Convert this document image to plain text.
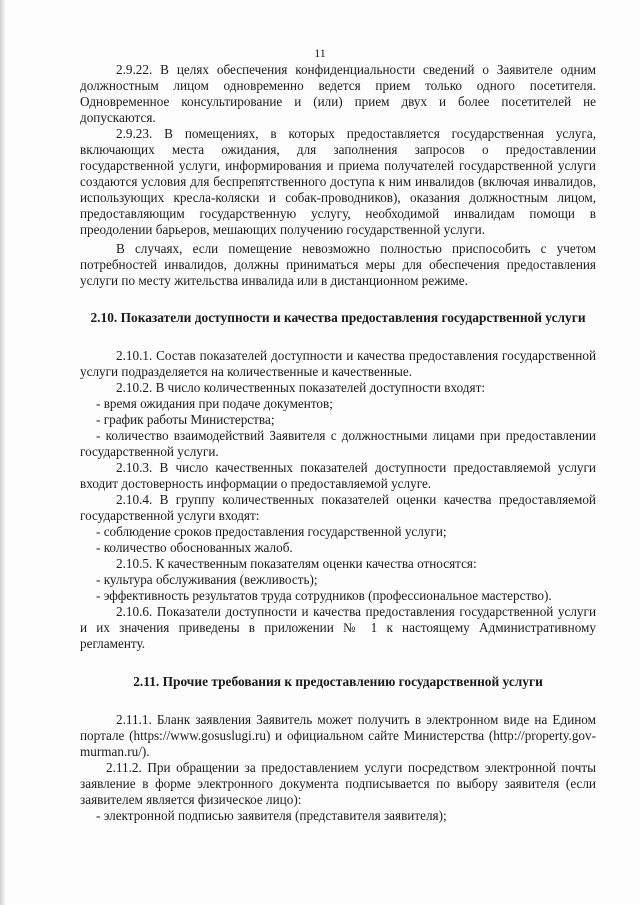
11

2.9.22. В целях обеспечения конфиденциальности сведений о Заявителе одним должностным лицом одновременно ведется прием только одного посетителя. Одновременное консультирование и (или) прием двух и более посетителей не допускаются.

2.9.23. В помещениях, в которых предоставляется государственная услуга, включающих места ожидания, для заполнения запросов о предоставлении государственной услуги, информирования и приема получателей государственной услуги создаются условия для беспрепятственного доступа к ним инвалидов (включая инвалидов, использующих кресла-коляски и собак-проводников), оказания должностным лицом, предоставляющим государственную услугу, необходимой инвалидам помощи в преодолении барьеров, мешающих получению государственной услуги.

В случаях, если помещение невозможно полностью приспособить с учетом потребностей инвалидов, должны приниматься меры для обеспечения предоставления услуги по месту жительства инвалида или в дистанционном режиме.

2.10. Показатели доступности и качества предоставления государственной услуги

2.10.1. Состав показателей доступности и качества предоставления государственной услуги подразделяется на количественные и качественные.

2.10.2. В число количественных показателей доступности входят:

- время ожидания при подаче документов;

- график работы Министерства;

- количество взаимодействий Заявителя с должностными лицами при предоставлении государственной услуги.

2.10.3. В число качественных показателей доступности предоставляемой услуги входит достоверность информации о предоставляемой услуге.

2.10.4. В группу количественных показателей оценки качества предоставляемой государственной услуги входят:

- соблюдение сроков предоставления государственной услуги;

- количество обоснованных жалоб.

2.10.5. К качественным показателям оценки качества относятся:

- культура обслуживания (вежливость);

- эффективность результатов труда сотрудников (профессиональное мастерство).

2.10.6. Показатели доступности и качества предоставления государственной услуги и их значения приведены в приложении № 1 к настоящему Административному регламенту.

2.11. Прочие требования к предоставлению государственной услуги

2.11.1. Бланк заявления Заявитель может получить в электронном виде на Едином портале (https://www.gosuslugi.ru) и официальном сайте Министерства (http://property.gov-murman.ru/).

2.11.2. При обращении за предоставлением услуги посредством электронной почты заявление в форме электронного документа подписывается по выбору заявителя (если заявителем является физическое лицо):

- электронной подписью заявителя (представителя заявителя);
